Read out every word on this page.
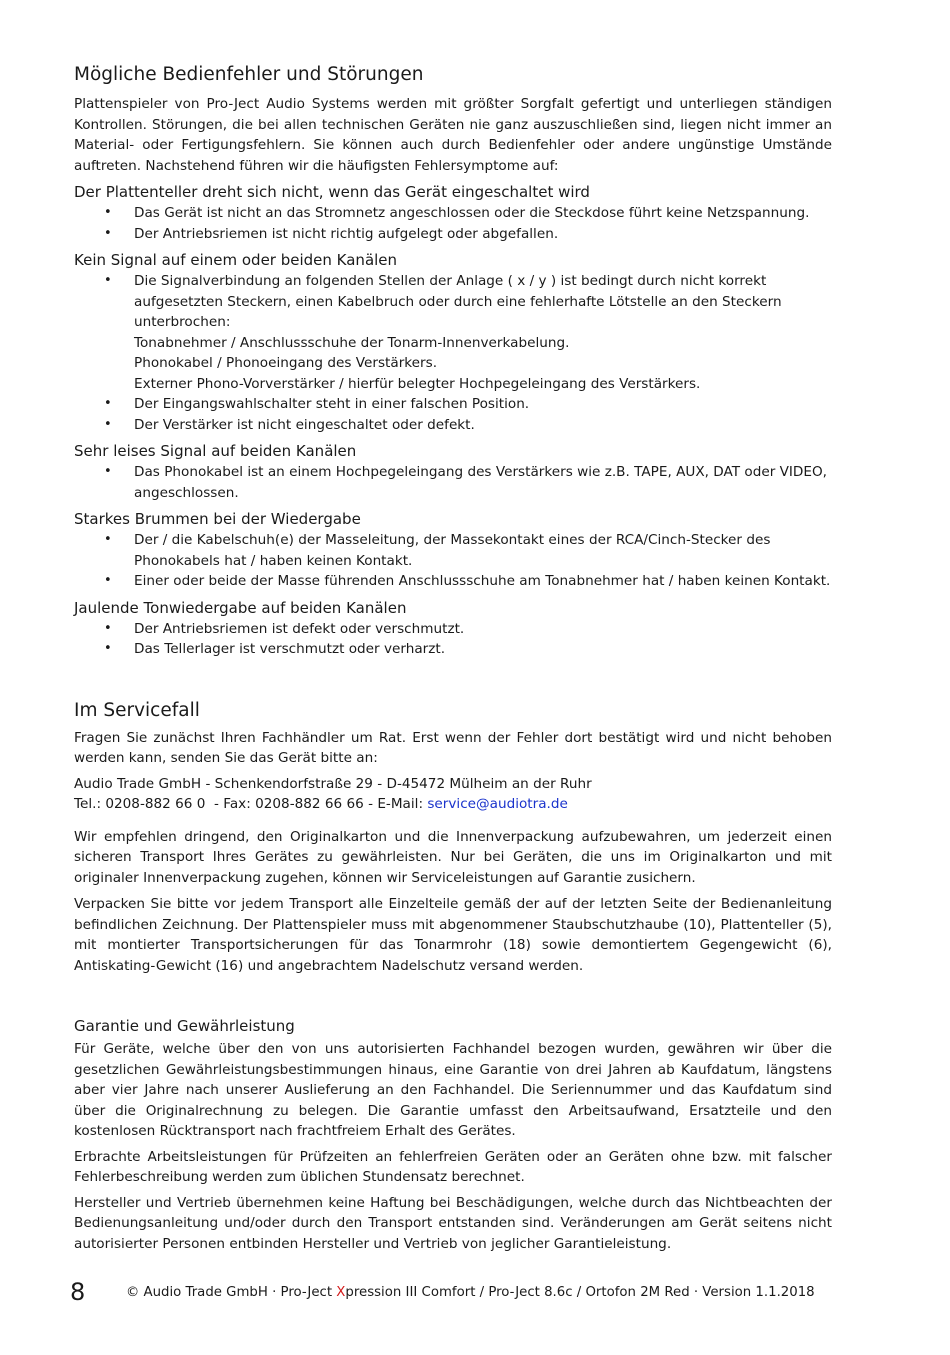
Mögliche Bedienfehler und Störungen

Plattenspieler von Pro-Ject Audio Systems werden mit größter Sorgfalt gefertigt und unterliegen ständigen Kontrollen. Störungen, die bei allen technischen Geräten nie ganz auszuschließen sind, liegen nicht immer an Material- oder Fertigungsfehlern. Sie können auch durch Bedienfehler oder andere ungünstige Umstände auftreten. Nachstehend führen wir die häufigsten Fehlersymptome auf:

Der Plattenteller dreht sich nicht, wenn das Gerät eingeschaltet wird
• Das Gerät ist nicht an das Stromnetz angeschlossen oder die Steckdose führt keine Netzspannung.
• Der Antriebsriemen ist nicht richtig aufgelegt oder abgefallen.
Kein Signal auf einem oder beiden Kanälen
• Die Signalverbindung an folgenden Stellen der Anlage ( x / y ) ist bedingt durch nicht korrekt aufgesetzten Steckern, einen Kabelbruch oder durch eine fehlerhafte Lötstelle an den Steckern unterbrochen:
Tonabnehmer / Anschlussschuhe der Tonarm-Innenverkabelung.
Phonokabel / Phonoeingang des Verstärkers.
Externer Phono-Vorverstärker / hierfür belegter Hochpegeleingang des Verstärkers.
• Der Eingangswahlschalter steht in einer falschen Position.
• Der Verstärker ist nicht eingeschaltet oder defekt.
Sehr leises Signal auf beiden Kanälen
• Das Phonokabel ist an einem Hochpegeleingang des Verstärkers wie z.B. TAPE, AUX, DAT oder VIDEO, angeschlossen.
Starkes Brummen bei der Wiedergabe
• Der / die Kabelschuh(e) der Masseleitung, der Massekontakt eines der RCA/Cinch-Stecker des Phonokabels hat / haben keinen Kontakt.
• Einer oder beide der Masse führenden Anschlussschuhe am Tonabnehmer hat / haben keinen Kontakt.
Jaulende Tonwiedergabe auf beiden Kanälen
• Der Antriebsriemen ist defekt oder verschmutzt.
• Das Tellerlager ist verschmutzt oder verharzt.
Im Servicefall

Fragen Sie zunächst Ihren Fachhändler um Rat. Erst wenn der Fehler dort bestätigt wird und nicht behoben werden kann, senden Sie das Gerät bitte an:

Audio Trade GmbH - Schenkendorfstraße 29 - D-45472 Mülheim an der Ruhr

Tel.: 0208-882 66 0  - Fax: 0208-882 66 66 - E-Mail: service@audiotra.de

Wir empfehlen dringend, den Originalkarton und die Innenverpackung aufzubewahren, um jederzeit einen sicheren Transport Ihres Gerätes zu gewährleisten. Nur bei Geräten, die uns im Originalkarton und mit originaler Innenverpackung zugehen, können wir Serviceleistungen auf Garantie zusichern.

Verpacken Sie bitte vor jedem Transport alle Einzelteile gemäß der auf der letzten Seite der Bedienanleitung befindlichen Zeichnung. Der Plattenspieler muss mit abgenommener Staubschutzhaube (10), Plattenteller (5), mit montierter Transportsicherungen für das Tonarmrohr (18) sowie demontiertem Gegengewicht (6), Antiskating-Gewicht (16) und angebrachtem Nadelschutz versand werden.

Garantie und Gewährleistung

Für Geräte, welche über den von uns autorisierten Fachhandel bezogen wurden, gewähren wir über die gesetzlichen Gewährleistungsbestimmungen hinaus, eine Garantie von drei Jahren ab Kaufdatum, längstens aber vier Jahre nach unserer Auslieferung an den Fachhandel. Die Seriennummer und das Kaufdatum sind über die Originalrechnung zu belegen. Die Garantie umfasst den Arbeitsaufwand, Ersatzteile und den kostenlosen Rücktransport nach frachtfreiem Erhalt des Gerätes.

Erbrachte Arbeitsleistungen für Prüfzeiten an fehlerfreien Geräten oder an Geräten ohne bzw. mit falscher Fehlerbeschreibung werden zum üblichen Stundensatz berechnet.

Hersteller und Vertrieb übernehmen keine Haftung bei Beschädigungen, welche durch das Nichtbeachten der Bedienungsanleitung und/oder durch den Transport entstanden sind. Veränderungen am Gerät seitens nicht autorisierter Personen entbinden Hersteller und Vertrieb von jeglicher Garantieleistung.

8	© Audio Trade GmbH · Pro-Ject Xpression III Comfort / Pro-Ject 8.6c / Ortofon 2M Red · Version 1.1.2018
